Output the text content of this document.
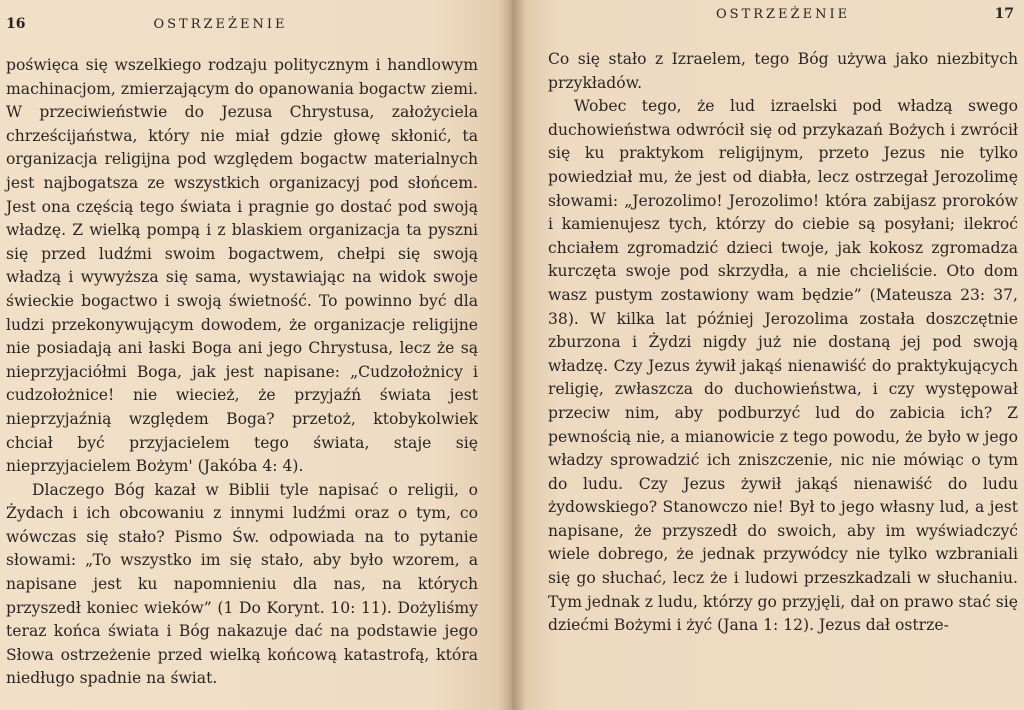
16	OSTRZEŻENIE

poświęca się wszelkiego rodzaju politycznym i handlowym machinacjom, zmierzającym do opanowania bogactw ziemi. W przeciwieństwie do Jezusa Chrystusa, założyciela chrześcijaństwa, który nie miał gdzie głowę skłonić, ta organizacja religijna pod względem bogactw materialnych jest najbogatsza ze wszystkich organizacyj pod słońcem. Jest ona częścią tego świata i pragnie go dostać pod swoją władzę. Z wielką pompą i z blaskiem organizacja ta pyszni się przed ludźmi swoim bogactwem, chełpi się swoją władzą i wywyższa się sama, wystawiając na widok swoje świeckie bogactwo i swoją świetność. To powinno być dla ludzi przekonywującym dowodem, że organizacje religijne nie posiadają ani łaski Boga ani jego Chrystusa, lecz że są nieprzyjaciółmi Boga, jak jest napisane: „Cudzołożnicy i cudzołożnice! nie wiecież, że przyjaźń świata jest nieprzyjaźnią względem Boga? przetoż, ktobykolwiek chciał być przyjacielem tego świata, staje się nieprzyjacielem Bożym' (Jakóba 4: 4).

Dlaczego Bóg kazał w Biblii tyle napisać o religii, o Żydach i ich obcowaniu z innymi ludźmi oraz o tym, co wówczas się stało? Pismo Św. odpowiada na to pytanie słowami: „To wszystko im się stało, aby było wzorem, a napisane jest ku napomnieniu dla nas, na których przyszedł koniec wieków” (1 Do Korynt. 10: 11). Dożyliśmy teraz końca świata i Bóg nakazuje dać na podstawie jego Słowa ostrzeżenie przed wielką końcową katastrofą, która niedługo spadnie na świat.

OSTRZEŻENIE	17

Co się stało z Izraelem, tego Bóg używa jako niezbitych przykładów.

Wobec tego, że lud izraelski pod władzą swego duchowieństwa odwrócił się od przykazań Bożych i zwrócił się ku praktykom religijnym, przeto Jezus nie tylko powiedział mu, że jest od diabła, lecz ostrzegał Jerozolimę słowami: „Jerozolimo! Jerozolimo! która zabijasz proroków i kamienujesz tych, którzy do ciebie są posyłani; ilekroć chciałem zgromadzić dzieci twoje, jak kokosz zgromadza kurczęta swoje pod skrzydła, a nie chcieliście. Oto dom wasz pustym zostawiony wam będzie” (Mateusza 23: 37, 38). W kilka lat później Jerozolima została doszczętnie zburzona i Żydzi nigdy już nie dostaną jej pod swoją władzę. Czy Jezus żywił jakąś nienawiść do praktykujących religię, zwłaszcza do duchowieństwa, i czy występował przeciw nim, aby podburzyć lud do zabicia ich? Z pewnością nie, a mianowicie z tego powodu, że było w jego władzy sprowadzić ich zniszczenie, nic nie mówiąc o tym do ludu. Czy Jezus żywił jakąś nienawiść do ludu żydowskiego? Stanowczo nie! Był to jego własny lud, a jest napisane, że przyszedł do swoich, aby im wyświadczyć wiele dobrego, że jednak przywódcy nie tylko wzbraniali się go słuchać, lecz że i ludowi przeszkadzali w słuchaniu. Tym jednak z ludu, którzy go przyjęli, dał on prawo stać się dziećmi Bożymi i żyć (Jana 1: 12). Jezus dał ostrze-
